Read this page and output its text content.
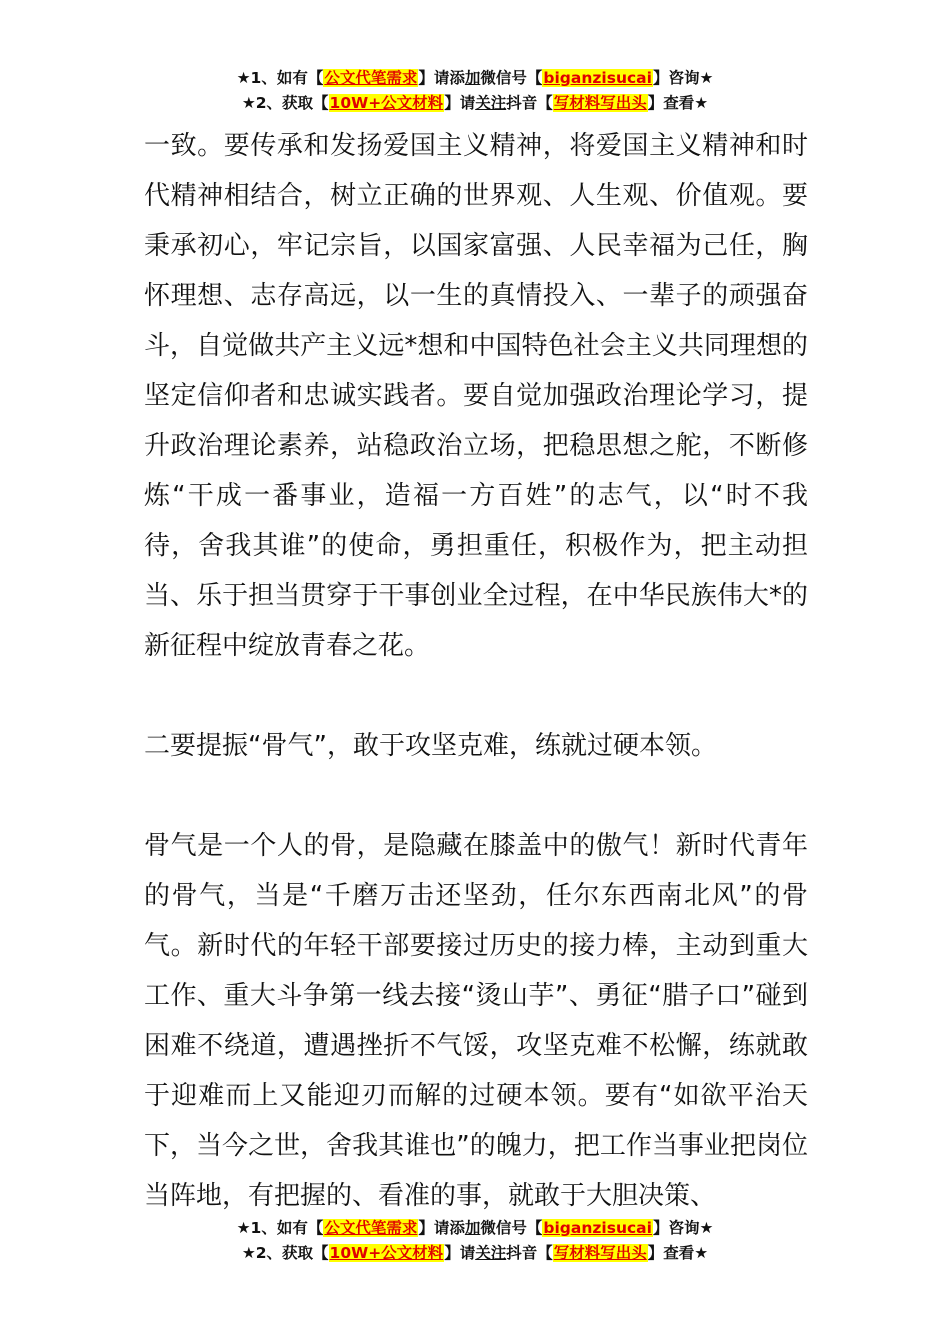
★1、如有【公文代笔需求】请添加微信号【biganzisucai】咨询★
★2、获取【10W+公文材料】请关注抖音【写材料写出头】查看★

一致。要传承和发扬爱国主义精神，将爱国主义精神和时代精神相结合，树立正确的世界观、人生观、价值观。要秉承初心，牢记宗旨，以国家富强、人民幸福为己任，胸怀理想、志存高远，以一生的真情投入、一辈子的顽强奋斗，自觉做共产主义远*想和中国特色社会主义共同理想的坚定信仰者和忠诚实践者。要自觉加强政治理论学习，提升政治理论素养，站稳政治立场，把稳思想之舵，不断修炼“干成一番事业，造福一方百姓”的志气，以“时不我待，舍我其谁”的使命，勇担重任，积极作为，把主动担当、乐于担当贯穿于干事创业全过程，在中华民族伟大*的新征程中绽放青春之花。

二要提振“骨气”，敢于攻坚克难，练就过硬本领。

骨气是一个人的骨，是隐藏在膝盖中的傲气！新时代青年的骨气，当是“千磨万击还坚劲，任尔东西南北风”的骨气。新时代的年轻干部要接过历史的接力棒，主动到重大工作、重大斗争第一线去接“烫山芋”、勇征“腊子口”碰到困难不绕道，遭遇挫折不气馁，攻坚克难不松懈，练就敢于迎难而上又能迎刃而解的过硬本领。要有“如欲平治天下，当今之世，舍我其谁也”的魄力，把工作当事业把岗位当阵地，有把握的、看准的事，就敢于大胆决策、

★1、如有【公文代笔需求】请添加微信号【biganzisucai】咨询★
★2、获取【10W+公文材料】请关注抖音【写材料写出头】查看★
